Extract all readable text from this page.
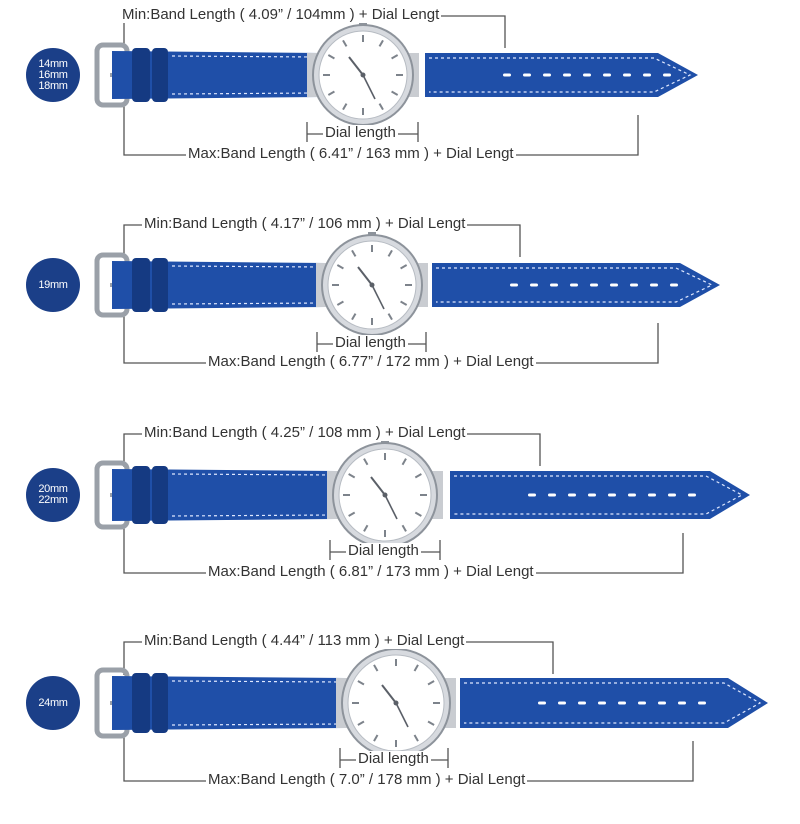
14mm
16mm
18mm
Min:Band Length ( 4.09” / 104mm ) + Dial Lengt
Max:Band Length ( 6.41” / 163 mm ) + Dial Lengt
Dial length
19mm
Min:Band Length ( 4.17” / 106 mm ) + Dial Lengt
Max:Band Length ( 6.77” / 172 mm ) + Dial Lengt
Dial length
20mm
22mm
Min:Band Length ( 4.25” / 108 mm ) + Dial Lengt
Max:Band Length ( 6.81” / 173 mm ) + Dial Lengt
Dial length
24mm
Min:Band Length ( 4.44” / 113 mm ) + Dial Lengt
Max:Band Length ( 7.0” / 178 mm ) + Dial Lengt
Dial length
